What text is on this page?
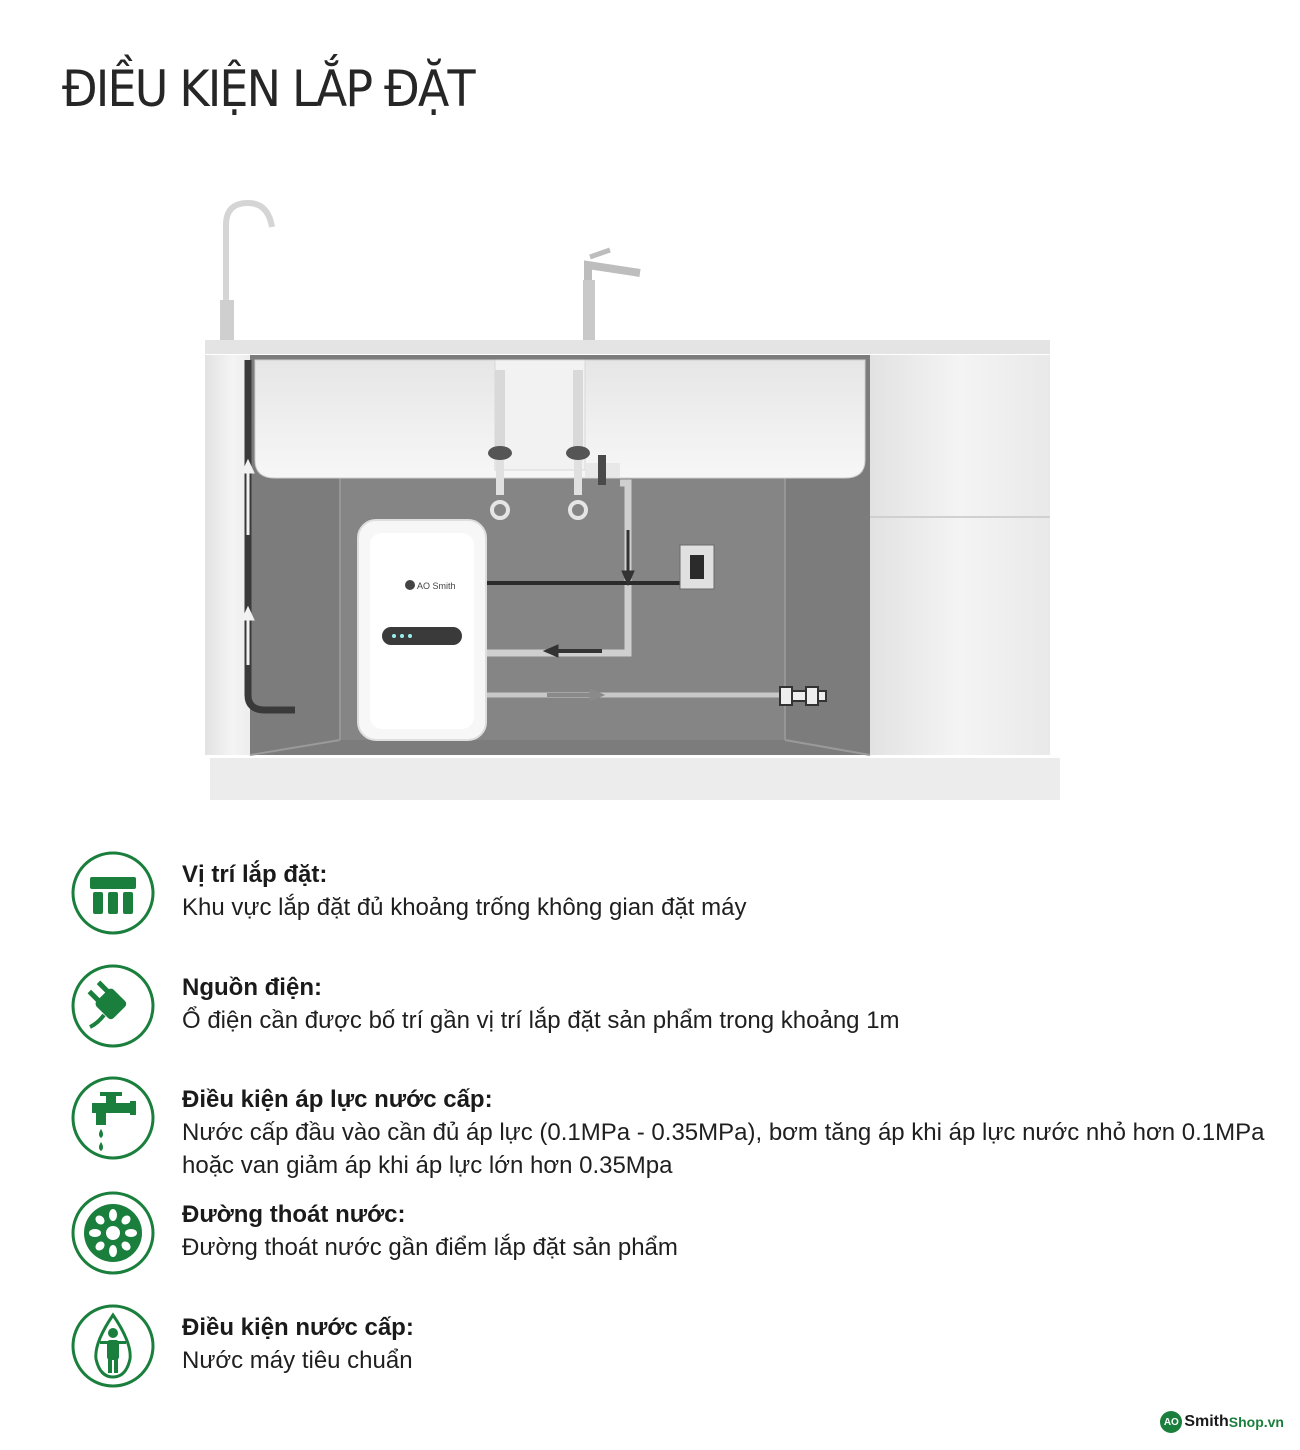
ĐIỀU KIỆN LẮP ĐẶT
AO Smith
Vị trí lắp đặt:
Khu vực lắp đặt đủ khoảng trống không gian đặt máy
Nguồn điện:
Ổ điện cần được bố trí gần vị trí lắp đặt sản phẩm trong khoảng 1m
Điều kiện áp lực nước cấp:
Nước cấp đầu vào cần đủ áp lực (0.1MPa - 0.35MPa), bơm tăng áp khi áp lực nước nhỏ hơn 0.1MPa hoặc van giảm áp khi áp lực lớn hơn 0.35Mpa
Đường thoát nước:
Đường thoát nước gần điểm lắp đặt sản phẩm
Điều kiện nước cấp:
Nước máy tiêu chuẩn
AO Smith Shop.vn
